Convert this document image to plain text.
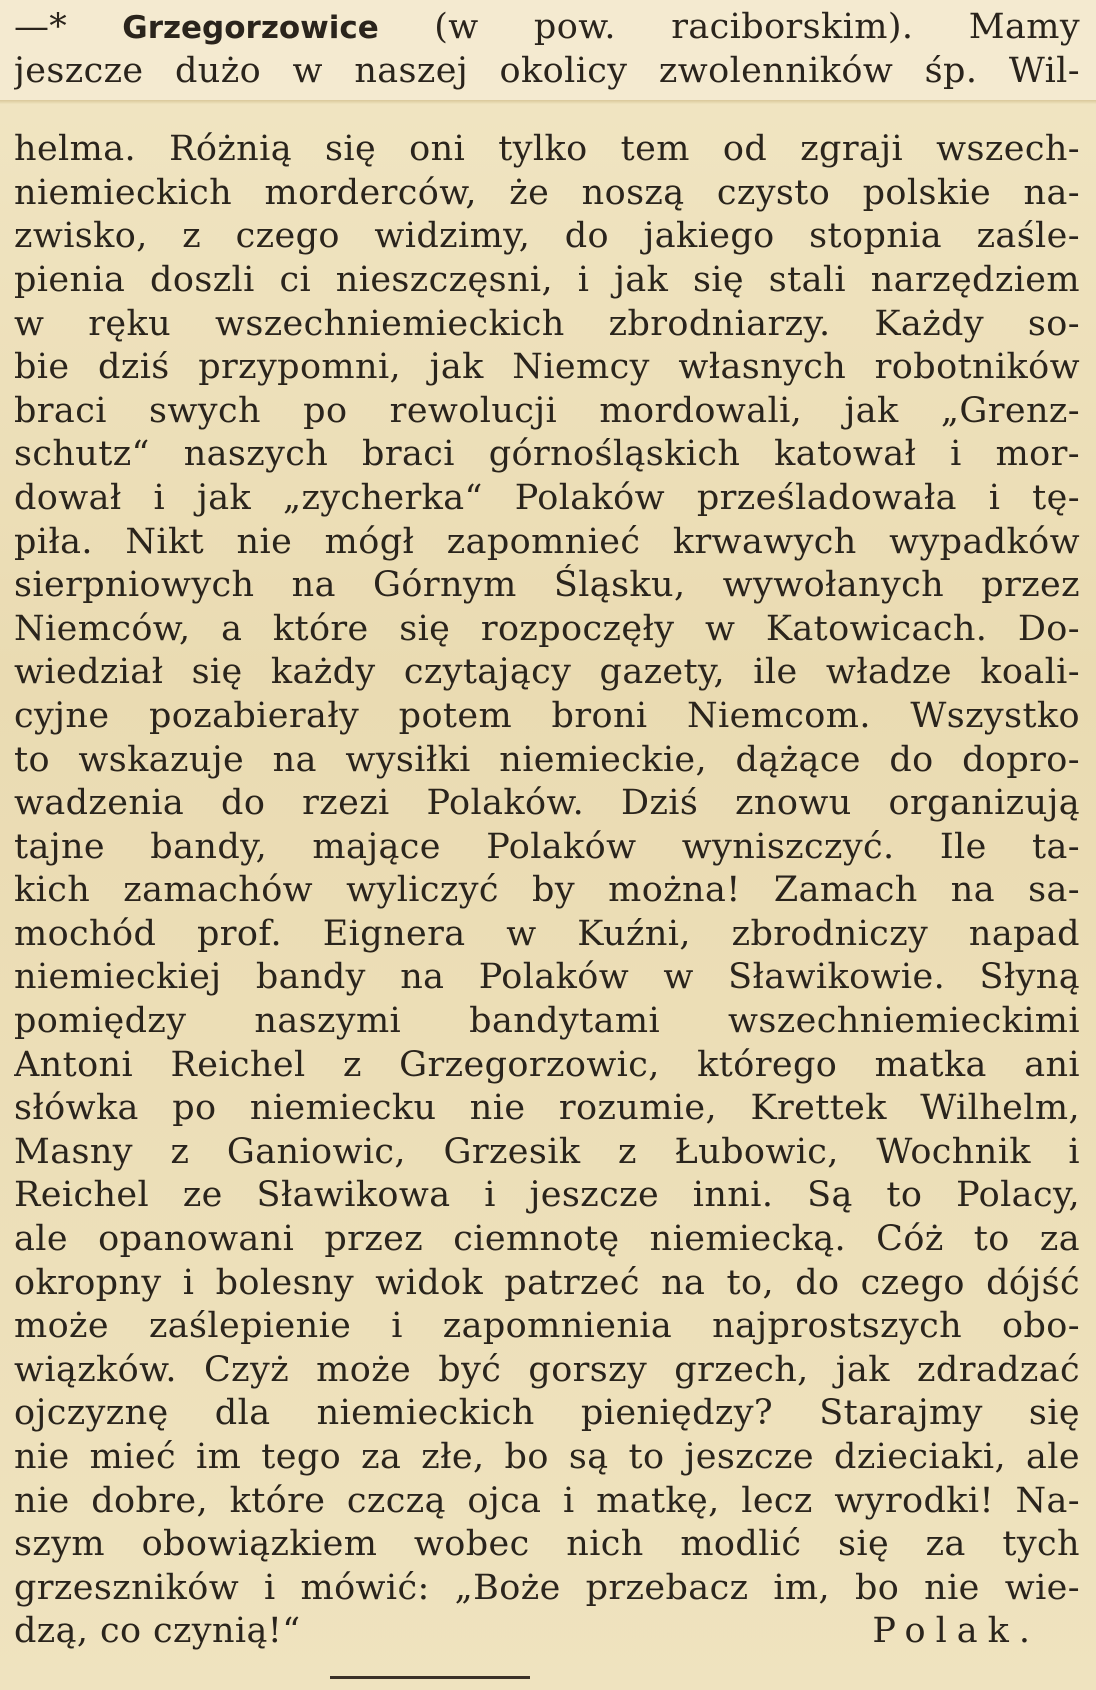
—* Grzegorzowice (w pow. raciborskim). Mamy
jeszcze dużo w naszej okolicy zwolenników śp. Wil-
helma. Różnią się oni tylko tem od zgraji wszech-
niemieckich morderców, że noszą czysto polskie na-
zwisko, z czego widzimy, do jakiego stopnia zaśle-
pienia doszli ci nieszczęsni, i jak się stali narzędziem
w ręku wszechniemieckich zbrodniarzy. Każdy so-
bie dziś przypomni, jak Niemcy własnych robotników
braci swych po rewolucji mordowali, jak „Grenz-
schutz“ naszych braci górnośląskich katował i mor-
dował i jak „zycherka“ Polaków prześladowała i tę-
piła. Nikt nie mógł zapomnieć krwawych wypadków
sierpniowych na Górnym Śląsku, wywołanych przez
Niemców, a które się rozpoczęły w Katowicach. Do-
wiedział się każdy czytający gazety, ile władze koali-
cyjne pozabierały potem broni Niemcom. Wszystko
to wskazuje na wysiłki niemieckie, dążące do dopro-
wadzenia do rzezi Polaków. Dziś znowu organizują
tajne bandy, mające Polaków wyniszczyć. Ile ta-
kich zamachów wyliczyć by można! Zamach na sa-
mochód prof. Eignera w Kuźni, zbrodniczy napad
niemieckiej bandy na Polaków w Sławikowie. Słyną
pomiędzy naszymi bandytami wszechniemieckimi
Antoni Reichel z Grzegorzowic, którego matka ani
słówka po niemiecku nie rozumie, Krettek Wilhelm,
Masny z Ganiowic, Grzesik z Łubowic, Wochnik i
Reichel ze Sławikowa i jeszcze inni. Są to Polacy,
ale opanowani przez ciemnotę niemiecką. Cóż to za
okropny i bolesny widok patrzeć na to, do czego dójść
może zaślepienie i zapomnienia najprostszych obo-
wiązków. Czyż może być gorszy grzech, jak zdradzać
ojczyznę dla niemieckich pieniędzy? Starajmy się
nie mieć im tego za złe, bo są to jeszcze dzieciaki, ale
nie dobre, które czczą ojca i matkę, lecz wyrodki! Na-
szym obowiązkiem wobec nich modlić się za tych
grzeszników i mówić: „Boże przebacz im, bo nie wie-
dzą, co czynią!“	Polak.
